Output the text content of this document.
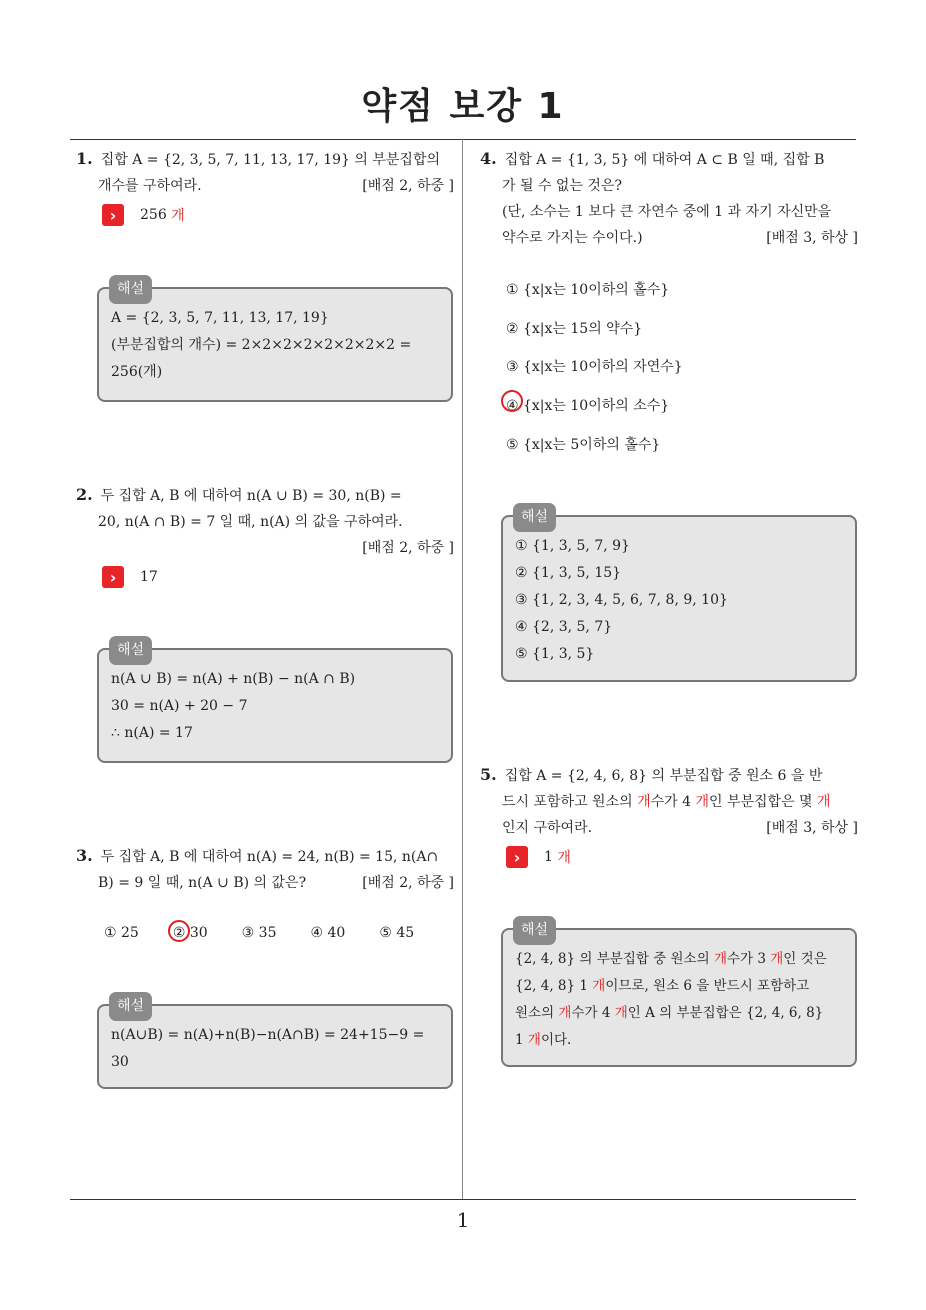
약점 보강 1
1
1. 집합 A = {2, 3, 5, 7, 11, 13, 17, 19} 의 부분집합의
개수를 구하여라.	[배점 2, 하중 ]
›	256
개
해설
A = {2, 3, 5, 7, 11, 13, 17, 19}
(부분집합의 개수) = 2×2×2×2×2×2×2×2 =
256(개)
2. 두 집합 A, B 에 대하여 n(A ∪ B) = 30, n(B) =
20, n(A ∩ B) = 7 일 때, n(A) 의 값을 구하여라.
[배점 2, 하중 ]
›	17
해설
n(A ∪ B) = n(A) + n(B) − n(A ∩ B)
30 = n(A) + 20 − 7
∴ n(A) = 17
3. 두 집합 A, B 에 대하여 n(A) = 24, n(B) = 15, n(A∩
B) = 9 일 때, n(A ∪ B) 의 값은?	[배점 2, 하중 ]
① 25 ② 30 ③ 35 ④ 40 ⑤ 45
해설
n(A∪B) = n(A)+n(B)−n(A∩B) = 24+15−9 =
30
4. 집합 A = {1, 3, 5} 에 대하여 A ⊂ B 일 때, 집합 B
가 될 수 없는 것은?
(단, 소수는 1 보다 큰 자연수 중에 1 과 자기 자신만을
약수로 가지는 수이다.)	[배점 3, 하상 ]
① {x|x는 10이하의 홀수}
② {x|x는 15의 약수}
③ {x|x는 10이하의 자연수}
④ {x|x는 10이하의 소수}
⑤ {x|x는 5이하의 홀수}
해설
① {1, 3, 5, 7, 9}
② {1, 3, 5, 15}
③ {1, 2, 3, 4, 5, 6, 7, 8, 9, 10}
④ {2, 3, 5, 7}
⑤ {1, 3, 5}
5. 집합 A = {2, 4, 6, 8} 의 부분집합 중 원소 6 을 반
드시 포함하고 원소의 개수가 4 개인 부분집합은 몇 개
인지 구하여라.	[배점 3, 하상 ]
›	1
개
해설
{2, 4, 8} 의 부분집합 중 원소의 개수가 3 개인 것은
{2, 4, 8} 1 개이므로, 원소 6 을 반드시 포함하고
원소의 개수가 4 개인 A 의 부분집합은 {2, 4, 6, 8}
1 개이다.
